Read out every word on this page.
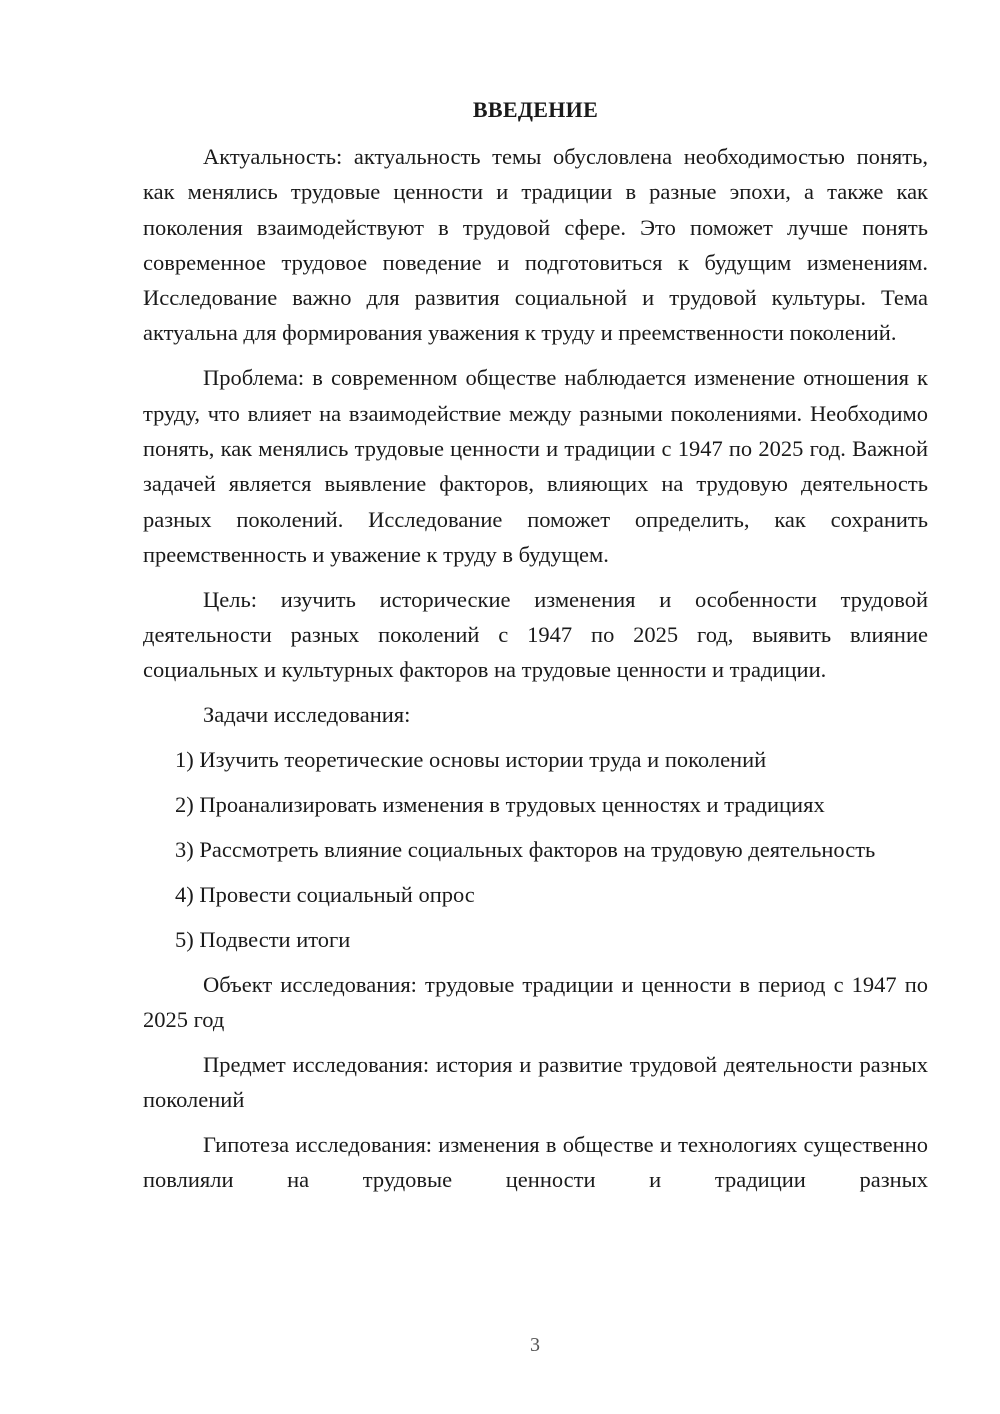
ВВЕДЕНИЕ

Актуальность: актуальность темы обусловлена необходимостью понять, как менялись трудовые ценности и традиции в разные эпохи, а также как поколения взаимодействуют в трудовой сфере. Это поможет лучше понять современное трудовое поведение и подготовиться к будущим изменениям. Исследование важно для развития социальной и трудовой культуры. Тема актуальна для формирования уважения к труду и преемственности поколений.

Проблема: в современном обществе наблюдается изменение отношения к труду, что влияет на взаимодействие между разными поколениями. Необходимо понять, как менялись трудовые ценности и традиции с 1947 по 2025 год. Важной задачей является выявление факторов, влияющих на трудовую деятельность разных поколений. Исследование поможет определить, как сохранить преемственность и уважение к труду в будущем.

Цель: изучить исторические изменения и особенности трудовой деятельности разных поколений с 1947 по 2025 год, выявить влияние социальных и культурных факторов на трудовые ценности и традиции.

Задачи исследования:

1) Изучить теоретические основы истории труда и поколений

2) Проанализировать изменения в трудовых ценностях и традициях

3) Рассмотреть влияние социальных факторов на трудовую деятельность

4) Провести социальный опрос

5) Подвести итоги

Объект исследования: трудовые традиции и ценности в период с 1947 по 2025 год

Предмет исследования: история и развитие трудовой деятельности разных поколений

Гипотеза исследования: изменения в обществе и технологиях существенно повлияли на трудовые ценности и традиции разных

3
